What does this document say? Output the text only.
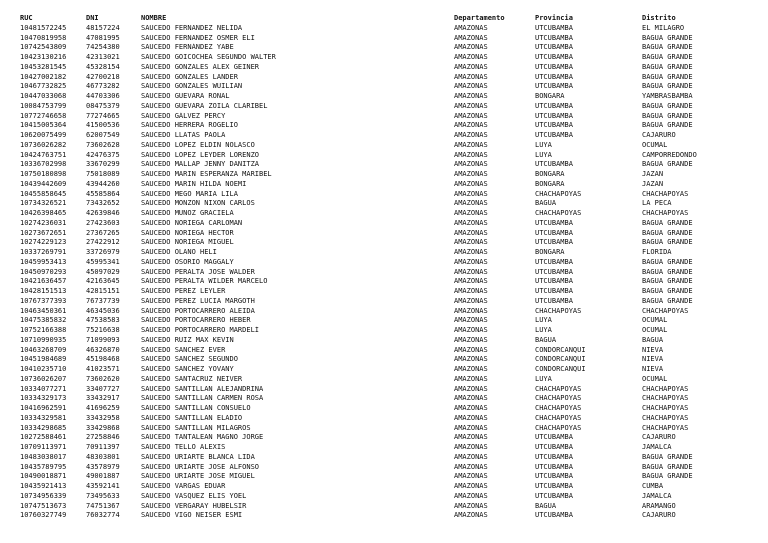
RUC	DNI	NOMBRE	Departamento	Provincia	Distrito
10481572245	48157224	SAUCEDO FERNANDEZ NELIDA	AMAZONAS	UTCUBAMBA	EL MILAGRO
10470819958	47081995	SAUCEDO FERNANDEZ OSMER ELI	AMAZONAS	UTCUBAMBA	BAGUA GRANDE
10742543809	74254380	SAUCEDO FERNÁNDEZ YABE	AMAZONAS	UTCUBAMBA	BAGUA GRANDE
10423130216	42313021	SAUCEDO GOICOCHEA SEGUNDO WALTER	AMAZONAS	UTCUBAMBA	BAGUA GRANDE
10453281545	45328154	SAUCEDO GONZALES ALEX GEINER	AMAZONAS	UTCUBAMBA	BAGUA GRANDE
10427002182	42700218	SAUCEDO GONZALES LANDER	AMAZONAS	UTCUBAMBA	BAGUA GRANDE
10467732825	46773282	SAUCEDO GONZALES WUILIAN	AMAZONAS	UTCUBAMBA	BAGUA GRANDE
10447033068	44703306	SAUCEDO GUEVARA RONAL	AMAZONAS	BONGARA	YAMBRASBAMBA
10084753799	08475379	SAUCEDO GUEVARA ZOILA CLARIBEL	AMAZONAS	UTCUBAMBA	BAGUA GRANDE
10772746658	77274665	SAUCEDO GÁLVEZ PERCY	AMAZONAS	UTCUBAMBA	BAGUA GRANDE
10415005364	41500536	SAUCEDO HERRERA ROGELIO	AMAZONAS	UTCUBAMBA	BAGUA GRANDE
10620075499	62007549	SAUCEDO LLATAS PAOLA	AMAZONAS	UTCUBAMBA	CAJARURO
10736026282	73602628	SAUCEDO LOPEZ ELDIN NOLASCO	AMAZONAS	LUYA	OCUMAL
10424763751	42476375	SAUCEDO LOPEZ LEYDER LORENZO	AMAZONAS	LUYA	CAMPORREDONDO
10336702998	33670299	SAUCEDO MALLAP JENNY DANITZA	AMAZONAS	UTCUBAMBA	BAGUA GRANDE
10750180898	75018089	SAUCEDO MARIN ESPERANZA MARIBEL	AMAZONAS	BONGARA	JAZAN
10439442609	43944260	SAUCEDO MARIN HILDA NOEMI	AMAZONAS	BONGARA	JAZAN
10455858645	45585864	SAUCEDO MEGO MARIA LILA	AMAZONAS	CHACHAPOYAS	CHACHAPOYAS
10734326521	73432652	SAUCEDO MONZON NIXON CARLOS	AMAZONAS	BAGUA	LA PECA
10426398465	42639846	SAUCEDO MUÑOZ GRACIELA	AMAZONAS	CHACHAPOYAS	CHACHAPOYAS
10274236031	27423603	SAUCEDO NORIEGA CARLOMAN	AMAZONAS	UTCUBAMBA	BAGUA GRANDE
10273672651	27367265	SAUCEDO NORIEGA HECTOR	AMAZONAS	UTCUBAMBA	BAGUA GRANDE
10274229123	27422912	SAUCEDO NORIEGA MIGUEL	AMAZONAS	UTCUBAMBA	BAGUA GRANDE
10337269791	33726979	SAUCEDO OLANO HELI	AMAZONAS	BONGARA	FLORIDA
10459953413	45995341	SAUCEDO OSORIO MAGGALY	AMAZONAS	UTCUBAMBA	BAGUA GRANDE
10450970293	45097029	SAUCEDO PERALTA JOSE WALDER	AMAZONAS	UTCUBAMBA	BAGUA GRANDE
10421636457	42163645	SAUCEDO PERALTA WILDER MARCELO	AMAZONAS	UTCUBAMBA	BAGUA GRANDE
10428151513	42815151	SAUCEDO PEREZ LEYLER	AMAZONAS	UTCUBAMBA	BAGUA GRANDE
10767377393	76737739	SAUCEDO PEREZ LUCIA MARGOTH	AMAZONAS	UTCUBAMBA	BAGUA GRANDE
10463450361	46345036	SAUCEDO PORTOCARRERO ALEIDA	AMAZONAS	CHACHAPOYAS	CHACHAPOYAS
10475385832	47538583	SAUCEDO PORTOCARRERO HEBER	AMAZONAS	LUYA	OCUMAL
10752166388	75216638	SAUCEDO PORTOCARRERO MARDELÍ	AMAZONAS	LUYA	OCUMAL
10710990935	71099093	SAUCEDO RUIZ MAX KEVIN	AMAZONAS	BAGUA	BAGUA
10463268709	46326870	SAUCEDO SANCHEZ EVER	AMAZONAS	CONDORCANQUI	NIEVA
10451984689	45198468	SAUCEDO SANCHEZ SEGUNDO	AMAZONAS	CONDORCANQUI	NIEVA
10410235710	41023571	SAUCEDO SANCHEZ YOVANY	AMAZONAS	CONDORCANQUI	NIEVA
10736026207	73602620	SAUCEDO SANTACRUZ NEIVER	AMAZONAS	LUYA	OCUMAL
10334077271	33407727	SAUCEDO SANTILLAN ALEJANDRINA	AMAZONAS	CHACHAPOYAS	CHACHAPOYAS
10334329173	33432917	SAUCEDO SANTILLAN CARMEN ROSA	AMAZONAS	CHACHAPOYAS	CHACHAPOYAS
10416962591	41696259	SAUCEDO SANTILLAN CONSUELO	AMAZONAS	CHACHAPOYAS	CHACHAPOYAS
10334329581	33432958	SAUCEDO SANTILLAN ELADIO	AMAZONAS	CHACHAPOYAS	CHACHAPOYAS
10334298685	33429868	SAUCEDO SANTILLAN MILAGROS	AMAZONAS	CHACHAPOYAS	CHACHAPOYAS
10272588461	27258846	SAUCEDO TANTALEAN MAGNO JORGE	AMAZONAS	UTCUBAMBA	CAJARURO
10709113971	70911397	SAUCEDO TELLO ALEXIS	AMAZONAS	UTCUBAMBA	JAMALCA
10483038017	48303801	SAUCEDO URIARTE BLANCA LIDA	AMAZONAS	UTCUBAMBA	BAGUA GRANDE
10435789795	43578979	SAUCEDO URIARTE JOSE ALFONSO	AMAZONAS	UTCUBAMBA	BAGUA GRANDE
10490018871	49001887	SAUCEDO URIARTE JOSE MIGUEL	AMAZONAS	UTCUBAMBA	BAGUA GRANDE
10435921413	43592141	SAUCEDO VARGAS EDUAR	AMAZONAS	UTCUBAMBA	CUMBA
10734956339	73495633	SAUCEDO VASQUEZ ELIS YOEL	AMAZONAS	UTCUBAMBA	JAMALCA
10747513673	74751367	SAUCEDO VERGARAY HUBELSIR	AMAZONAS	BAGUA	ARAMANGO
10760327749	76032774	SAUCEDO VIGO NEISER ESMI	AMAZONAS	UTCUBAMBA	CAJARURO
